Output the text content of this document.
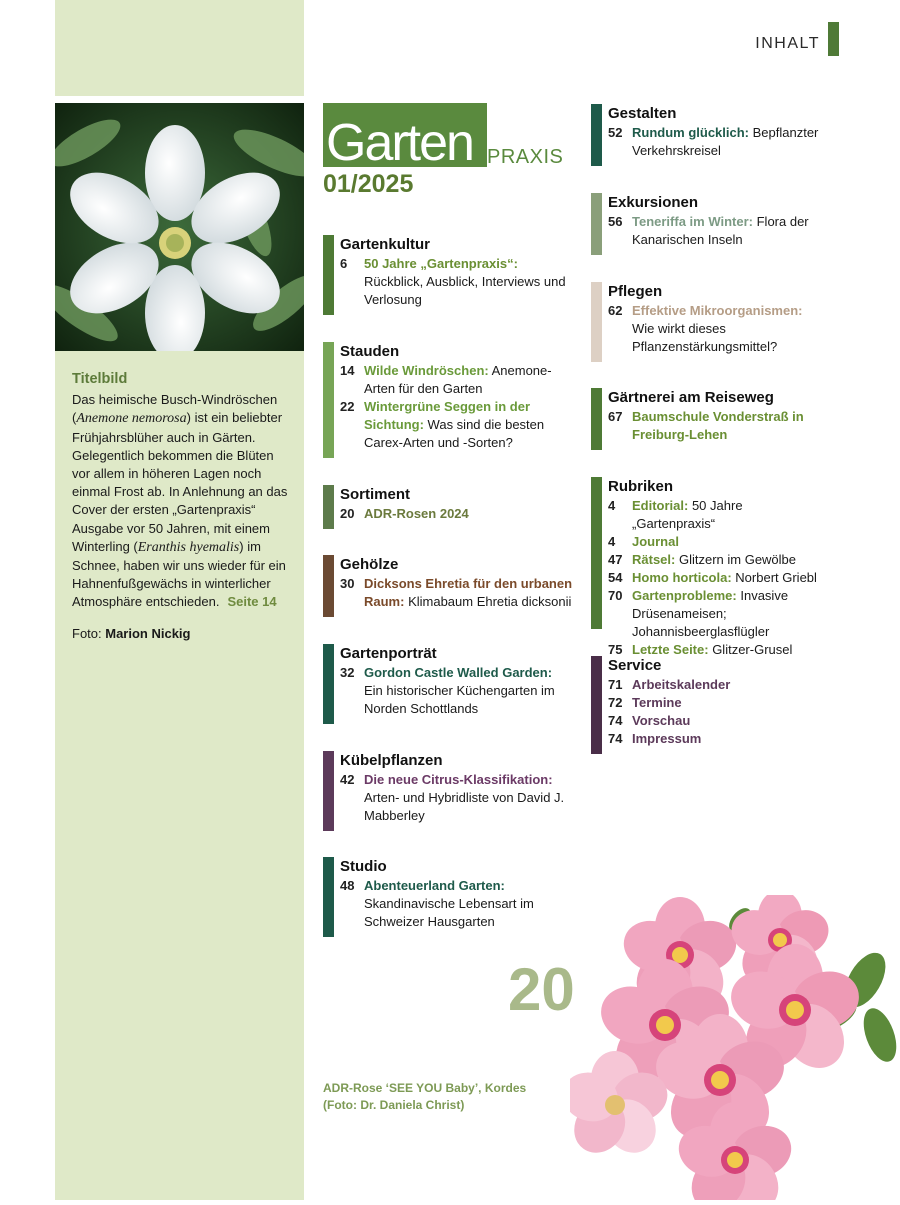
Titelbild
Das heimische Busch-Windröschen (Anemone nemorosa) ist ein beliebter Frühjahrsblüher auch in Gärten. Gelegentlich bekommen die Blüten vor allem in höheren Lagen noch einmal Frost ab. In Anlehnung an das Cover der ersten „Gartenpraxis“ Ausgabe vor 50 Jahren, mit einem Winterling (Eranthis hyemalis) im Schnee, haben wir uns wieder für ein Hahnenfußgewächs in winterlicher Atmosphäre entschieden. Seite 14
Foto: Marion Nickig
INHALT
Garten PRAXIS
01/2025
Gartenkultur
6 50 Jahre „Gartenpraxis“: Rückblick, Ausblick, Interviews und Verlosung
Stauden
14 Wilde Windröschen: Anemone-Arten für den Garten
22 Wintergrüne Seggen in der Sichtung: Was sind die besten Carex-Arten und -Sorten?
Sortiment
20 ADR-Rosen 2024
Gehölze
30 Dicksons Ehretia für den urbanen Raum: Klimabaum Ehretia dicksonii
Gartenporträt
32 Gordon Castle Walled Garden: Ein historischer Küchengarten im Norden Schottlands
Kübelpflanzen
42 Die neue Citrus-Klassifikation: Arten- und Hybridliste von David J. Mabberley
Studio
48 Abenteuerland Garten: Skandinavische Lebensart im Schweizer Hausgarten
Gestalten
52 Rundum glücklich: Bepflanzter Verkehrskreisel
Exkursionen
56 Teneriffa im Winter: Flora der Kanarischen Inseln
Pflegen
62 Effektive Mikroorganismen: Wie wirkt dieses Pflanzenstärkungsmittel?
Gärtnerei am Reiseweg
67 Baumschule Vonderstraß in Freiburg-Lehen
Rubriken
4 Editorial: 50 Jahre „Gartenpraxis“
4 Journal
47 Rätsel: Glitzern im Gewölbe
54 Homo horticola: Norbert Griebl
70 Gartenprobleme: Invasive Drüsenameisen; Johannisbeerglasflügler
75 Letzte Seite: Glitzer-Grusel
Service
71 Arbeitskalender
72 Termine
74 Vorschau
74 Impressum
20
ADR-Rose ‘SEE YOU Baby’, Kordes
(Foto: Dr. Daniela Christ)
